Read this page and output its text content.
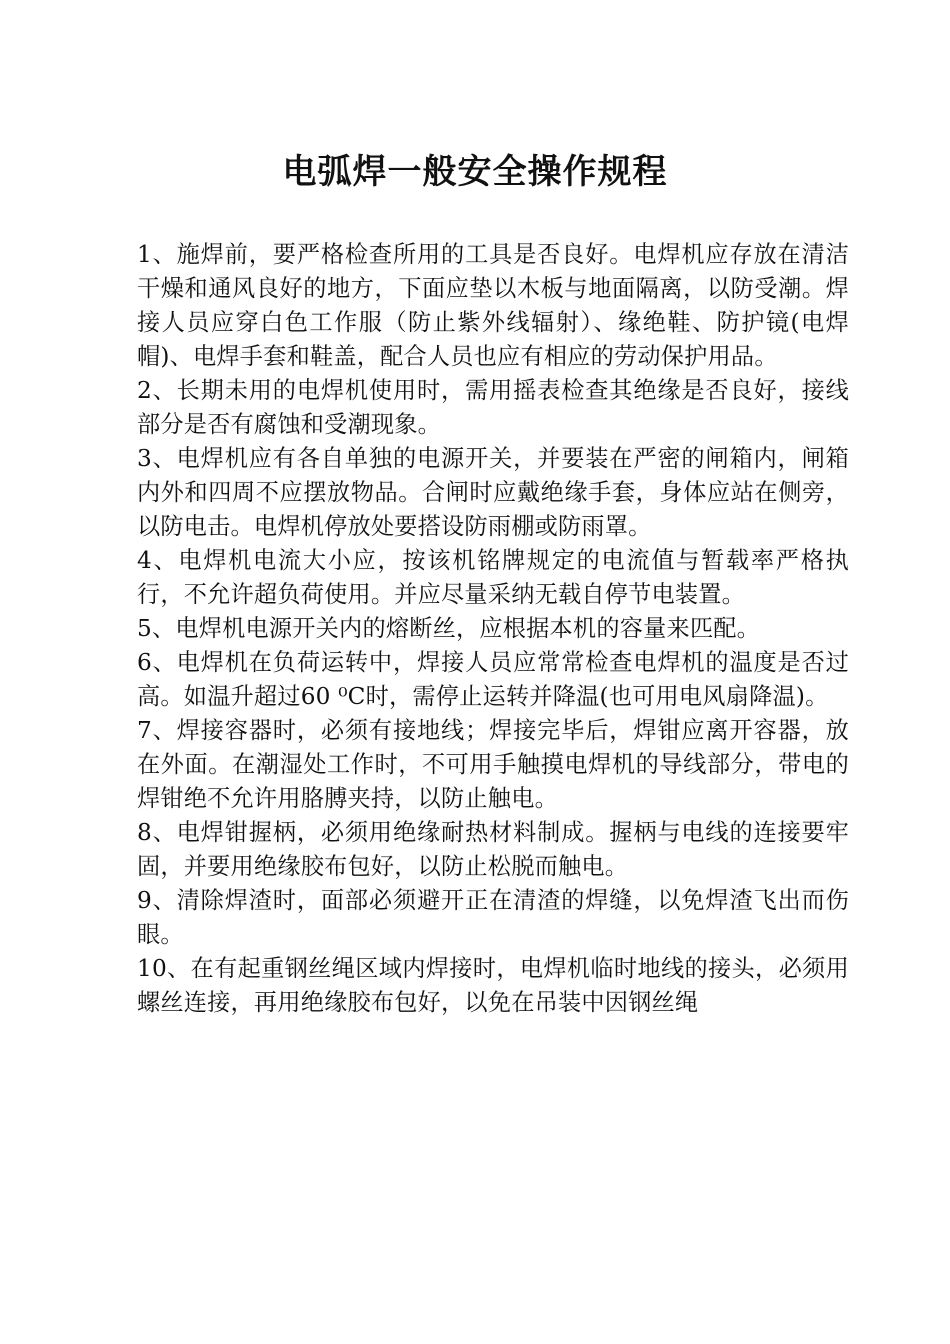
电弧焊一般安全操作规程

1、施焊前，要严格检查所用的工具是否良好。电焊机应存放在清洁干燥和通风良好的地方，下面应垫以木板与地面隔离，以防受潮。焊接人员应穿白色工作服（防止紫外线辐射）、缘绝鞋、防护镜(电焊帽)、电焊手套和鞋盖，配合人员也应有相应的劳动保护用品。

2、长期未用的电焊机使用时，需用摇表检查其绝缘是否良好，接线部分是否有腐蚀和受潮现象。

3、电焊机应有各自单独的电源开关，并要装在严密的闸箱内，闸箱内外和四周不应摆放物品。合闸时应戴绝缘手套，身体应站在侧旁，以防电击。电焊机停放处要搭设防雨棚或防雨罩。

4、电焊机电流大小应，按该机铭牌规定的电流值与暂载率严格执行，不允许超负荷使用。并应尽量采纳无载自停节电装置。

5、电焊机电源开关内的熔断丝，应根据本机的容量来匹配。

6、电焊机在负荷运转中，焊接人员应常常检查电焊机的温度是否过高。如温升超过60 ⁰C时，需停止运转并降温(也可用电风扇降温)。

7、焊接容器时，必须有接地线；焊接完毕后，焊钳应离开容器，放在外面。在潮湿处工作时，不可用手触摸电焊机的导线部分，带电的焊钳绝不允许用胳膊夹持，以防止触电。

8、电焊钳握柄，必须用绝缘耐热材料制成。握柄与电线的连接要牢固，并要用绝缘胶布包好，以防止松脱而触电。

9、清除焊渣时，面部必须避开正在清渣的焊缝，以免焊渣飞出而伤眼。

10、在有起重钢丝绳区域内焊接时，电焊机临时地线的接头，必须用螺丝连接，再用绝缘胶布包好，以免在吊装中因钢丝绳
